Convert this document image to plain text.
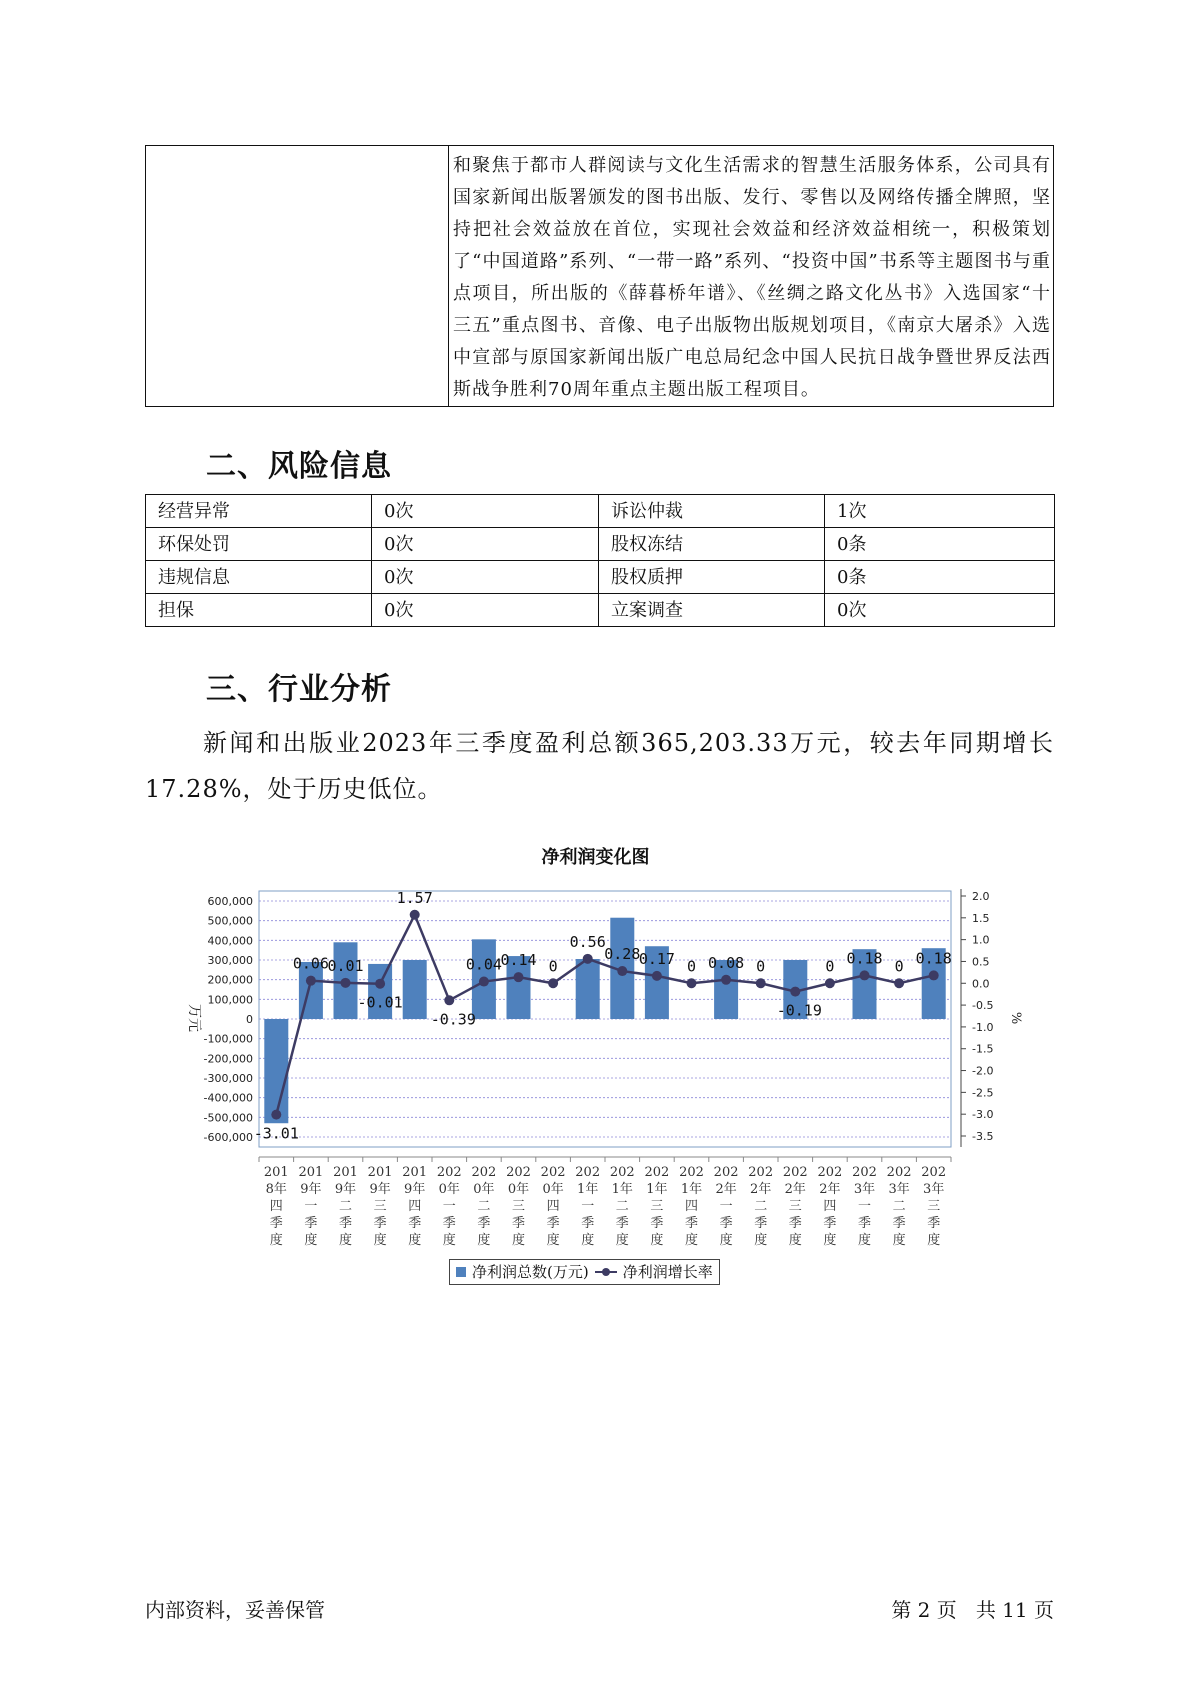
和聚焦于都市人群阅读与文化生活需求的智慧生活服务体系，公司具有国家新闻出版署颁发的图书出版、发行、零售以及网络传播全牌照，坚持把社会效益放在首位，实现社会效益和经济效益相统一，积极策划了“中国道路”系列、“一带一路”系列、“投资中国”书系等主题图书与重点项目，所出版的《薛暮桥年谱》、《丝绸之路文化丛书》入选国家“十三五”重点图书、音像、电子出版物出版规划项目，《南京大屠杀》入选中宣部与原国家新闻出版广电总局纪念中国人民抗日战争暨世界反法西斯战争胜利70周年重点主题出版工程项目。
二、风险信息
经营异常	0次	诉讼仲裁	1次
环保处罚	0次	股权冻结	0条
违规信息	0次	股权质押	0条
担保	0次	立案调查	0次
三、行业分析
新闻和出版业2023年三季度盈利总额365,203.33万元，较去年同期增长17.28%，处于历史低位。
净利润变化图
600,000
500,000
400,000
300,000
200,000
100,000
0
-100,000
-200,000
-300,000
-400,000
-500,000
-600,000
2.0
1.5
1.0
0.5
0.0
-0.5
-1.0
-1.5
-2.0
-2.5
-3.0
-3.5
万元	%
201 8年四季度
201 9年一季度
201 9年二季度
201 9年三季度
201 9年四季度
202 0年一季度
202 0年二季度
202 0年三季度
202 0年四季度
202 1年一季度
202 1年二季度
202 1年三季度
202 1年四季度
202 2年一季度
202 2年二季度
202 2年三季度
202 2年四季度
202 3年一季度
202 3年二季度
202 3年三季度
-3.01
0.06
0.01
-0.01
1.57
-0.39
0.04
0.14 0
0.56
0.28
0.17 0 0.08 0
-0.19
0 0.18 0 0.18
净利润总数(万元) 净利润增长率
内部资料，妥善保管	第 2 页   共 11 页
